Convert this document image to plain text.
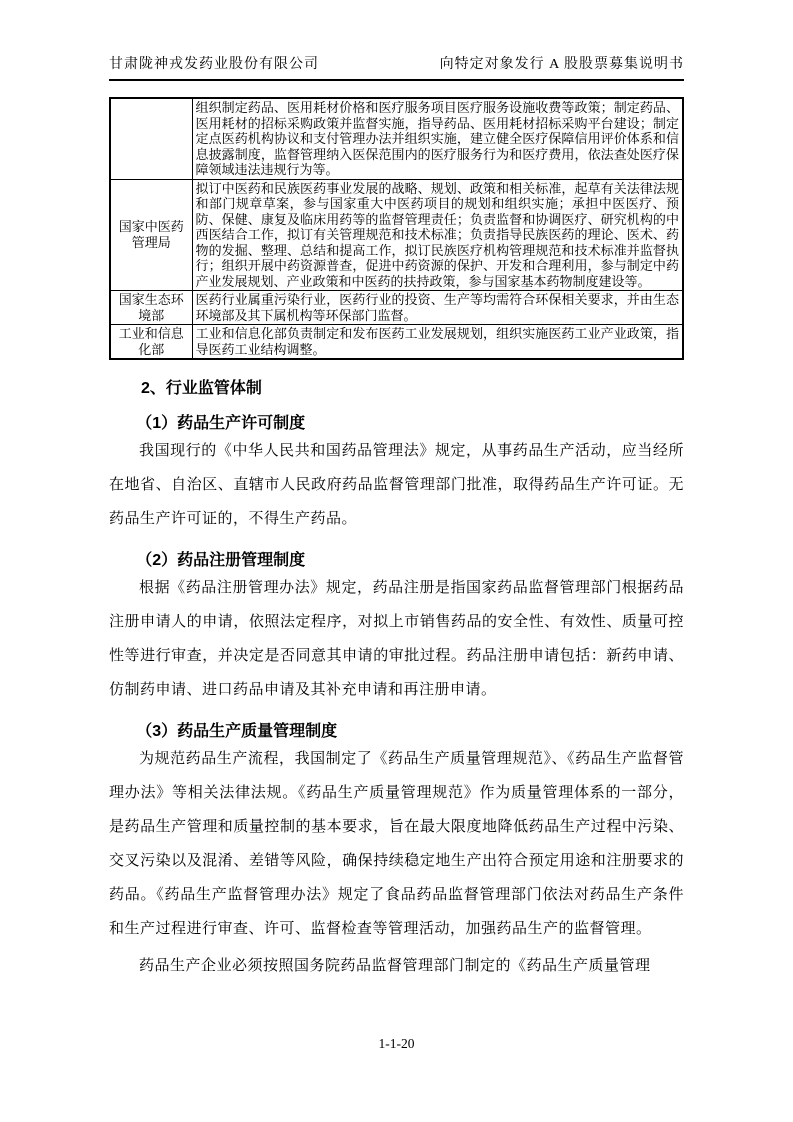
甘肃陇神戎发药业股份有限公司	向特定对象发行 A 股股票募集说明书
	组织制定药品、医用耗材价格和医疗服务项目医疗服务设施收费等政策；制定药品、医用耗材的招标采购政策并监督实施，指导药品、医用耗材招标采购平台建设；制定定点医药机构协议和支付管理办法并组织实施，建立健全医疗保障信用评价体系和信息披露制度，监督管理纳入医保范围内的医疗服务行为和医疗费用，依法查处医疗保障领域违法违规行为等。
国家中医药管理局	拟订中医药和民族医药事业发展的战略、规划、政策和相关标准，起草有关法律法规和部门规章草案，参与国家重大中医药项目的规划和组织实施；承担中医医疗、预防、保健、康复及临床用药等的监督管理责任；负责监督和协调医疗、研究机构的中西医结合工作，拟订有关管理规范和技术标准；负责指导民族医药的理论、医术、药物的发掘、整理、总结和提高工作，拟订民族医疗机构管理规范和技术标准并监督执行；组织开展中药资源普查，促进中药资源的保护、开发和合理利用，参与制定中药产业发展规划、产业政策和中医药的扶持政策，参与国家基本药物制度建设等。
国家生态环境部	医药行业属重污染行业，医药行业的投资、生产等均需符合环保相关要求，并由生态环境部及其下属机构等环保部门监督。
工业和信息化部	工业和信息化部负责制定和发布医药工业发展规划，组织实施医药工业产业政策，指导医药工业结构调整。
2、行业监管体制
（1）药品生产许可制度

我国现行的《中华人民共和国药品管理法》规定，从事药品生产活动，应当经所在地省、自治区、直辖市人民政府药品监督管理部门批准，取得药品生产许可证。无药品生产许可证的，不得生产药品。

（2）药品注册管理制度

根据《药品注册管理办法》规定，药品注册是指国家药品监督管理部门根据药品注册申请人的申请，依照法定程序，对拟上市销售药品的安全性、有效性、质量可控性等进行审查，并决定是否同意其申请的审批过程。药品注册申请包括：新药申请、仿制药申请、进口药品申请及其补充申请和再注册申请。

（3）药品生产质量管理制度

为规范药品生产流程，我国制定了《药品生产质量管理规范》、《药品生产监督管理办法》等相关法律法规。《药品生产质量管理规范》作为质量管理体系的一部分，是药品生产管理和质量控制的基本要求，旨在最大限度地降低药品生产过程中污染、交叉污染以及混淆、差错等风险，确保持续稳定地生产出符合预定用途和注册要求的药品。《药品生产监督管理办法》规定了食品药品监督管理部门依法对药品生产条件和生产过程进行审查、许可、监督检查等管理活动，加强药品生产的监督管理。

药品生产企业必须按照国务院药品监督管理部门制定的《药品生产质量管理

1-1-20
